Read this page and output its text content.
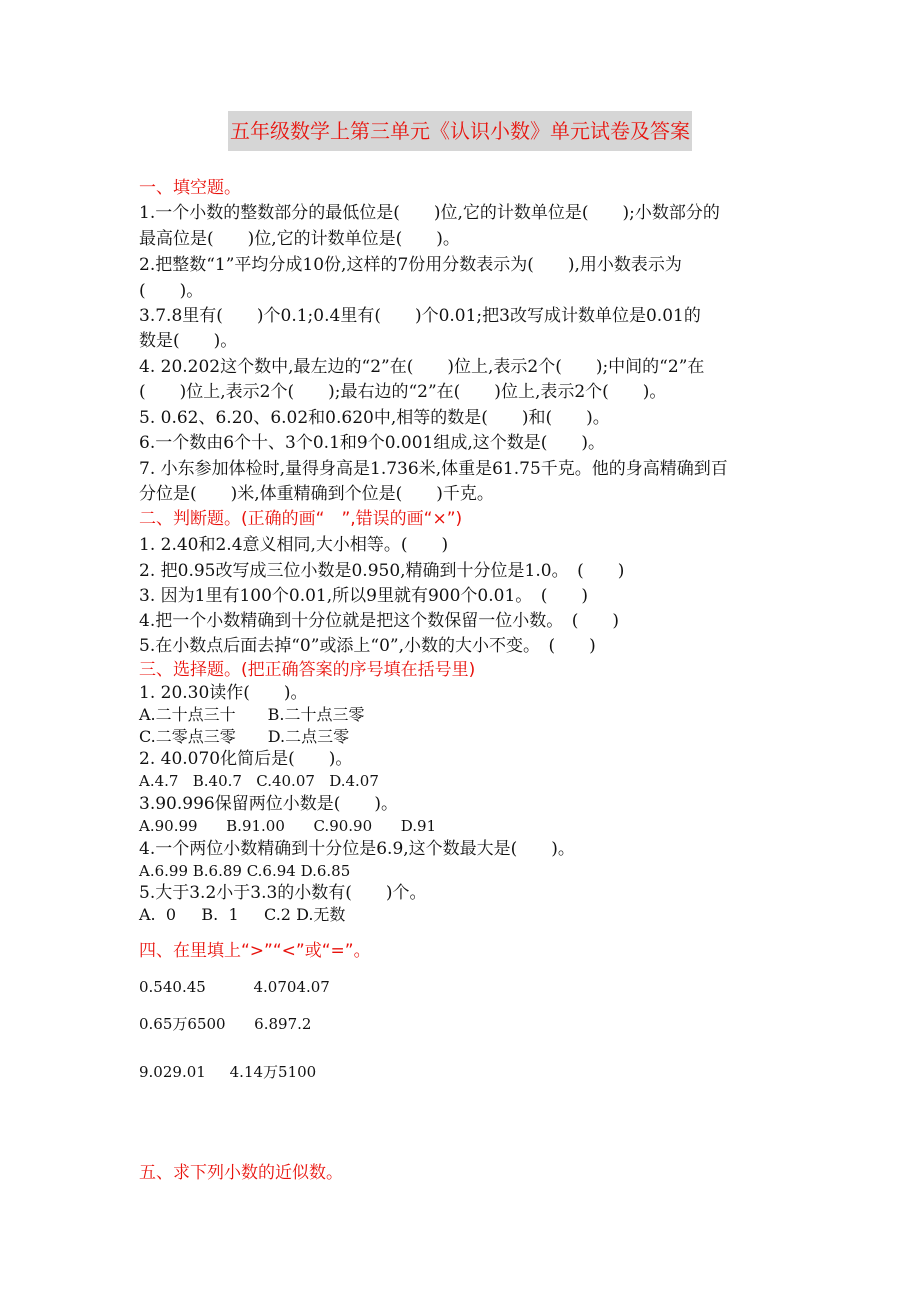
五年级数学上第三单元《认识小数》单元试卷及答案
一、填空题。
1.一个小数的整数部分的最低位是(　　)位,它的计数单位是(　　);小数部分的
最高位是(　　)位,它的计数单位是(　　)。
2.把整数“1”平均分成10份,这样的7份用分数表示为(　　),用小数表示为
(　　)。
3.7.8里有(　　)个0.1;0.4里有(　　)个0.01;把3改写成计数单位是0.01的
数是(　　)。
4. 20.202这个数中,最左边的“2”在(　　)位上,表示2个(　　);中间的“2”在
(　　)位上,表示2个(　　);最右边的“2”在(　　)位上,表示2个(　　)。
5. 0.62、6.20、6.02和0.620中,相等的数是(　　)和(　　)。
6.一个数由6个十、3个0.1和9个0.001组成,这个数是(　　)。
7. 小东参加体检时,量得身高是1.736米,体重是61.75千克。他的身高精确到百
分位是(　　)米,体重精确到个位是(　　)千克。
二、判断题。(正确的画“　”,错误的画“×”)
1. 2.40和2.4意义相同,大小相等。(　　)
2. 把0.95改写成三位小数是0.950,精确到十分位是1.0。　(　　)
3. 因为1里有100个0.01,所以9里就有900个0.01。　(　　)
4.把一个小数精确到十分位就是把这个数保留一位小数。　(　　)
5.在小数点后面去掉“0”或添上“0”,小数的大小不变。　(　　)
三、选择题。(把正确答案的序号填在括号里)
1. 20.30读作(　　)。
A.二十点三十　　B.二十点三零
C.二零点三零　　D.二点三零
2. 40.070化简后是(　　)。
A.4.7   B.40.7   C.40.07   D.4.07
3.90.996保留两位小数是(　　)。
A.90.99      B.91.00      C.90.90      D.91
4.一个两位小数精确到十分位是6.9,这个数最大是(　　)。
A.6.99 B.6.89 C.6.94 D.6.85
5.大于3.2小于3.3的小数有(　　)个。
A.  0     B.  1     C.2 D.无数
四、在里填上“>”“<”或“=”。
0.540.45          4.0704.07
0.65万6500      6.897.2
9.029.01     4.14万5100
五、求下列小数的近似数。
